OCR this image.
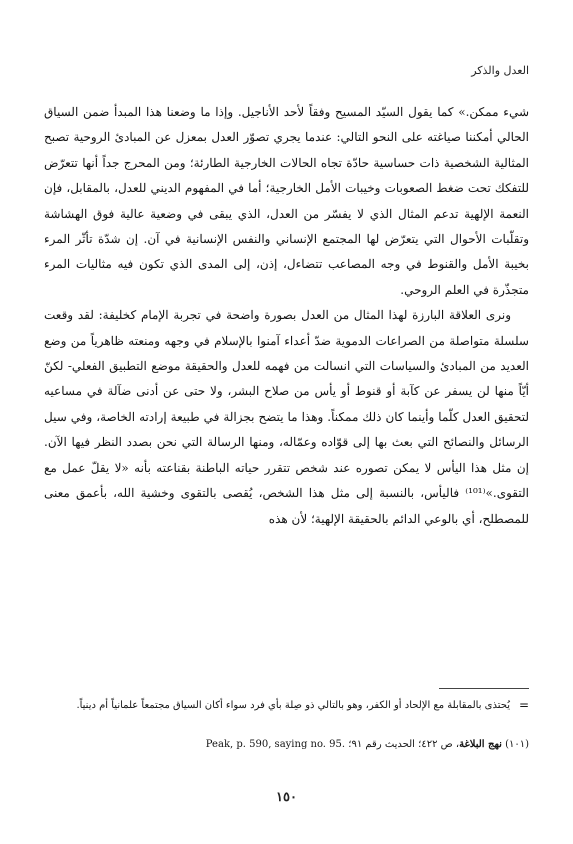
العدل والذكر

شيء ممكن.» كما يقول السيّد المسيح وفقاً لأحد الأناجيل. وإذا ما وضعنا هذا المبدأ ضمن السياق الحالي أمكننا صياغته على النحو التالي: عندما يجري تصوّر العدل بمعزل عن المبادئ الروحية تصبح المثالية الشخصية ذات حساسية حادّة تجاه الحالات الخارجية الطارئة؛ ومن المحرج جداً أنها تتعرّض للتفكك تحت ضغط الصعوبات وخيبات الأمل الخارجية؛ أما في المفهوم الديني للعدل، بالمقابل، فإن النعمة الإلهية تدعم المثال الذي لا يفسّر من العدل، الذي يبقى في وضعية عالية فوق الهشاشة وتقلّبات الأحوال التي يتعرّض لها المجتمع الإنساني والنفس الإنسانية في آن. إن شدّة تأثّر المرء بخيبة الأمل والقنوط في وجه المصاعب تتضاءل، إذن، إلى المدى الذي تكون فيه مثاليات المرء متجذّرة في العلم الروحي.

ونرى العلاقة البارزة لهذا المثال من العدل بصورة واضحة في تجربة الإمام كخليفة: لقد وقعت سلسلة متواصلة من الصراعات الدموية ضدّ أعداء آمنوا بالإسلام في وجهه ومنعته ظاهرياً من وضع العديد من المبادئ والسياسات التي انسالت من فهمه للعدل والحقيقة موضع التطبيق الفعلي- لكنّ أيّاً منها لن يسفر عن كآبة أو قنوط أو يأس من صلاح البشر، ولا حتى عن أدنى ضآلة في مساعيه لتحقيق العدل كلّما وأينما كان ذلك ممكناً. وهذا ما يتضح بجزالة في طبيعة إرادته الخاصة، وفي سيل الرسائل والنصائح التي بعث بها إلى قوّاده وعمّاله، ومنها الرسالة التي نحن بصدد النظر فيها الآن. إن مثل هذا اليأس لا يمكن تصوره عند شخص تتقرر حياته الباطنة بقناعته بأنه «لا يقلّ عمل مع التقوى.»⁽¹⁰¹⁾ فاليأس، بالنسبة إلى مثل هذا الشخص، يُقصى بالتقوى وخشية الله، بأعمق معنى للمصطلح، أي بالوعي الدائم بالحقيقة الإلهية؛ لأن هذه

=
يُحتذى بالمقابلة مع الإلحاد أو الكفر، وهو بالتالي ذو صِلة بأي فرد سواء أكان السياق مجتمعاً علمانياً أم دينياً.
(١٠١) نهج البلاغة، ص ٤٢٢؛ الحديث رقم ٩١؛ Peak, p. 590, saying no. 95.
١٥٠
